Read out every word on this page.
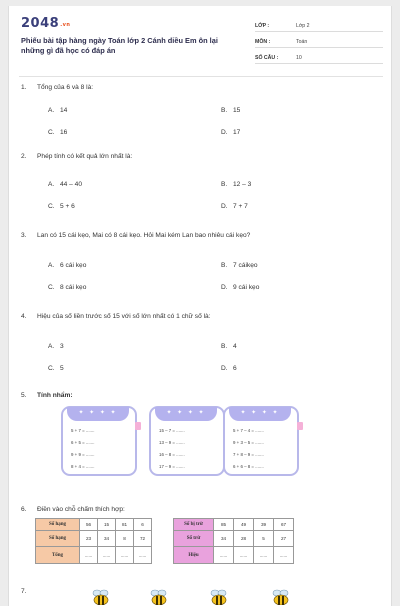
2048.vn
Phiếu bài tập hàng ngày Toán lớp 2 Cánh diều Em ôn lại những gì đã học có đáp án
LỚP :	Lớp 2
MÔN :	Toán
SỐ CÂU :	10
1. Tổng của 6 và 8 là:
A. 14	B. 15
C. 16	D. 17
2. Phép tính có kết quả lớn nhất là:
A. 44 – 40	B. 12 – 3
C. 5 + 6	D. 7 + 7
3. Lan có 15 cái kẹo, Mai có 8 cái kẹo. Hỏi Mai kém Lan bao nhiêu cái kẹo?
A. 6 cái kẹo	B. 7 cáikẹo
C. 8 cái kẹo	D. 9 cái kẹo
4. Hiệu của số liền trước số 15 với số lớn nhất có 1 chữ số là:
A. 3	B. 4
C. 5	D. 6
5. Tính nhẩm:
✦ ✦ ✦ ✦
5 + 7 = .......
6 + 5 = .......
9 + 9 = .......
8 + 4 = .......
✦ ✦ ✦ ✦
15 – 7 = .......
13 – 9 = .......
16 – 8 = .......
17 – 9 = .......
✦ ✦ ✦ ✦
5 + 7 – 4 = .......
9 + 3 – 5 = .......
7 + 8 – 9 = .......
6 + 6 – 8 = .......
6. Điền vào chỗ chấm thích hợp:
Số hạng	56	15	81	6
Số hạng	23	34	8	72
Tổng	......	......	......	......
Số bị trừ	85	49	39	67
Số trừ	34	28	5	27
Hiệu	......	......	......	......
7.
